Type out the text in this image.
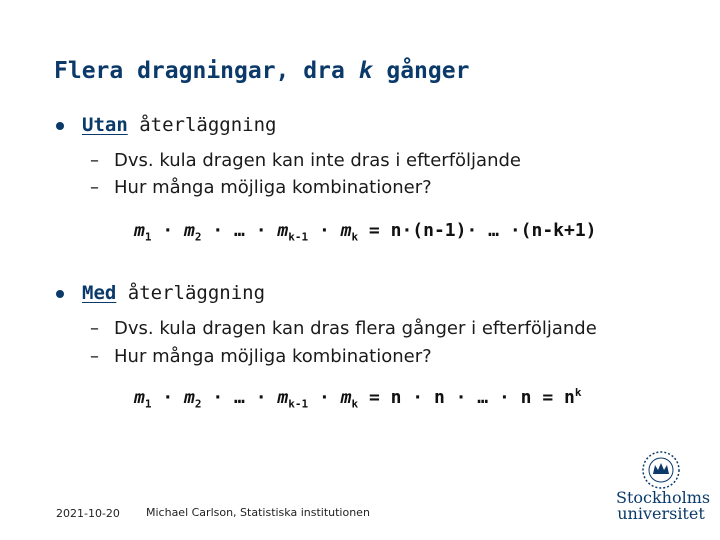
Flera dragningar, dra k gånger
Utan återläggning
– Dvs. kula dragen kan inte dras i efterföljande
– Hur många möjliga kombinationer?
$m_1 \cdot m_2$ · … · $m_{k-1} \cdot m_k = n\cdot(n-1)\cdot$ … ·(n-k+1)
Med återläggning
– Dvs. kula dragen kan dras flera gånger i efterföljande
– Hur många möjliga kombinationer?
$m_1 \cdot m_2$ · … · $m_{k-1} \cdot m_k = n \cdot n$ · … · $n = n^k$
2021-10-20 Michael Carlson, Statistiska institutionen
Stockholms
universitet
